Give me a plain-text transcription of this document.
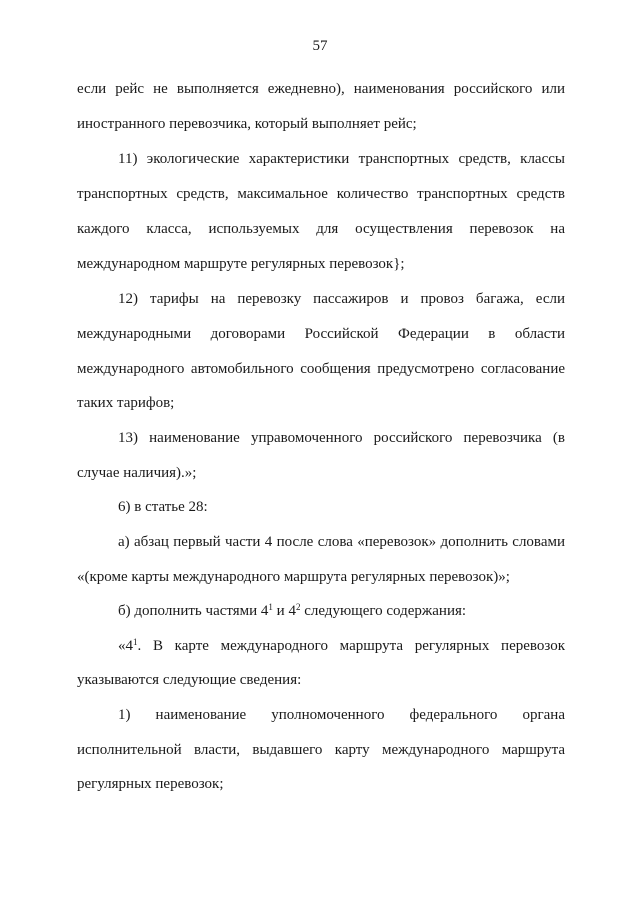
57
если рейс не выполняется ежедневно), наименования российского или
иностранного перевозчика, который выполняет рейс;
11) экологические характеристики транспортных средств, классы
транспортных средств, максимальное количество транспортных средств
каждого класса, используемых для осуществления перевозок на
международном маршруте регулярных перевозок};
12) тарифы на перевозку пассажиров и провоз багажа, если
международными договорами Российской Федерации в области
международного автомобильного сообщения предусмотрено согласование
таких тарифов;
13) наименование управомоченного российского перевозчика (в
случае наличия).»;
6) в статье 28:
а) абзац первый части 4 после слова «перевозок» дополнить словами
«(кроме карты международного маршрута регулярных перевозок)»;
б) дополнить частями $4^1$ и $4^2$ следующего содержания:
«$4^1$. В карте международного маршрута регулярных перевозок
указываются следующие сведения:
1) наименование уполномоченного федерального органа
исполнительной власти, выдавшего карту международного маршрута
регулярных перевозок;
